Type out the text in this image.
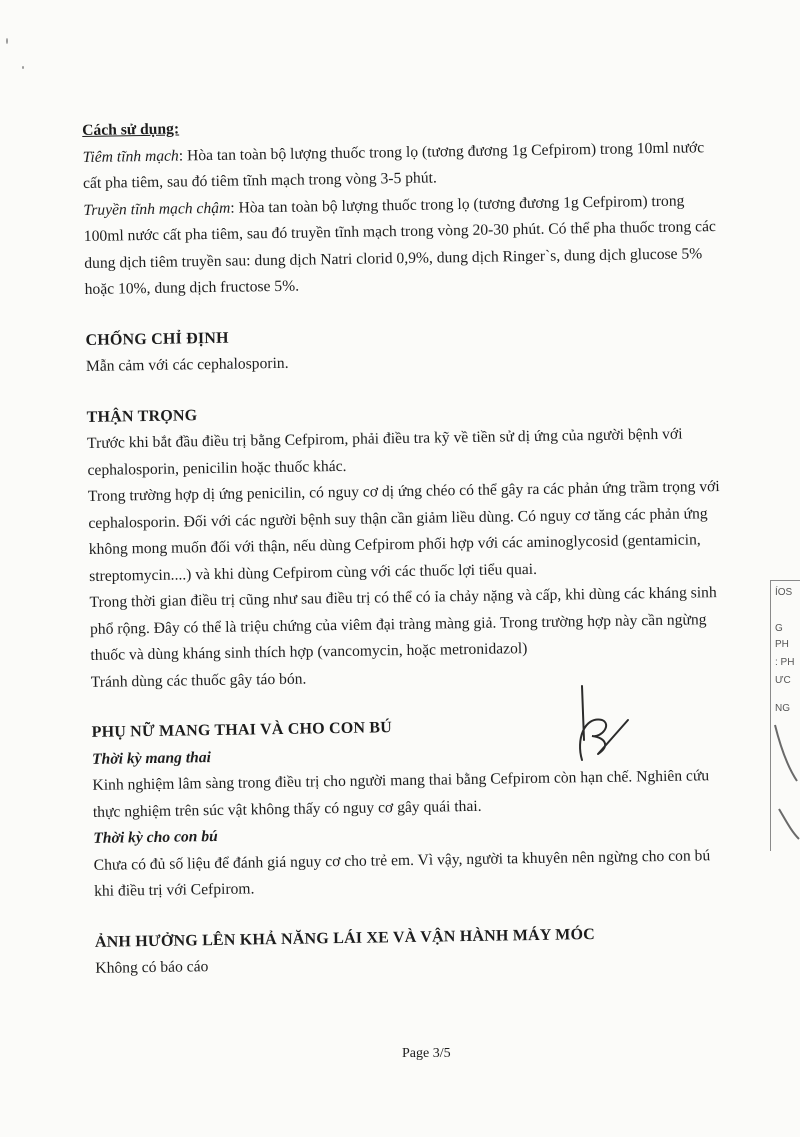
Cách sử dụng:

Tiêm tĩnh mạch: Hòa tan toàn bộ lượng thuốc trong lọ (tương đương 1g Cefpirom) trong 10ml nước cất pha tiêm, sau đó tiêm tĩnh mạch trong vòng 3-5 phút.

Truyền tĩnh mạch chậm: Hòa tan toàn bộ lượng thuốc trong lọ (tương đương 1g Cefpirom) trong 100ml nước cất pha tiêm, sau đó truyền tĩnh mạch trong vòng 20-30 phút. Có thể pha thuốc trong các dung dịch tiêm truyền sau: dung dịch Natri clorid 0,9%, dung dịch Ringer`s, dung dịch glucose 5% hoặc 10%, dung dịch fructose 5%.

CHỐNG CHỈ ĐỊNH

Mẫn cảm với các cephalosporin.

THẬN TRỌNG

Trước khi bắt đầu điều trị bằng Cefpirom, phải điều tra kỹ về tiền sử dị ứng của người bệnh với cephalosporin, penicilin hoặc thuốc khác.

Trong trường hợp dị ứng penicilin, có nguy cơ dị ứng chéo có thể gây ra các phản ứng trầm trọng với cephalosporin. Đối với các người bệnh suy thận cần giảm liều dùng. Có nguy cơ tăng các phản ứng không mong muốn đối với thận, nếu dùng Cefpirom phối hợp với các aminoglycosid (gentamicin, streptomycin....) và khi dùng Cefpirom cùng với các thuốc lợi tiểu quai.

Trong thời gian điều trị cũng như sau điều trị có thể có ỉa chảy nặng và cấp, khi dùng các kháng sinh phổ rộng. Đây có thể là triệu chứng của viêm đại tràng màng giả. Trong trường hợp này cần ngừng thuốc và dùng kháng sinh thích hợp (vancomycin, hoặc metronidazol)

Tránh dùng các thuốc gây táo bón.

PHỤ NỮ MANG THAI VÀ CHO CON BÚ

Thời kỳ mang thai

Kinh nghiệm lâm sàng trong điều trị cho người mang thai bằng Cefpirom còn hạn chế. Nghiên cứu thực nghiệm trên súc vật không thấy có nguy cơ gây quái thai.

Thời kỳ cho con bú

Chưa có đủ số liệu để đánh giá nguy cơ cho trẻ em. Vì vậy, người ta khuyên nên ngừng cho con bú khi điều trị với Cefpirom.

ẢNH HƯỞNG LÊN KHẢ NĂNG LÁI XE VÀ VẬN HÀNH MÁY MÓC

Không có báo cáo

ÍOS
G
PH
: PH
ƯC
NG
Page 3/5
